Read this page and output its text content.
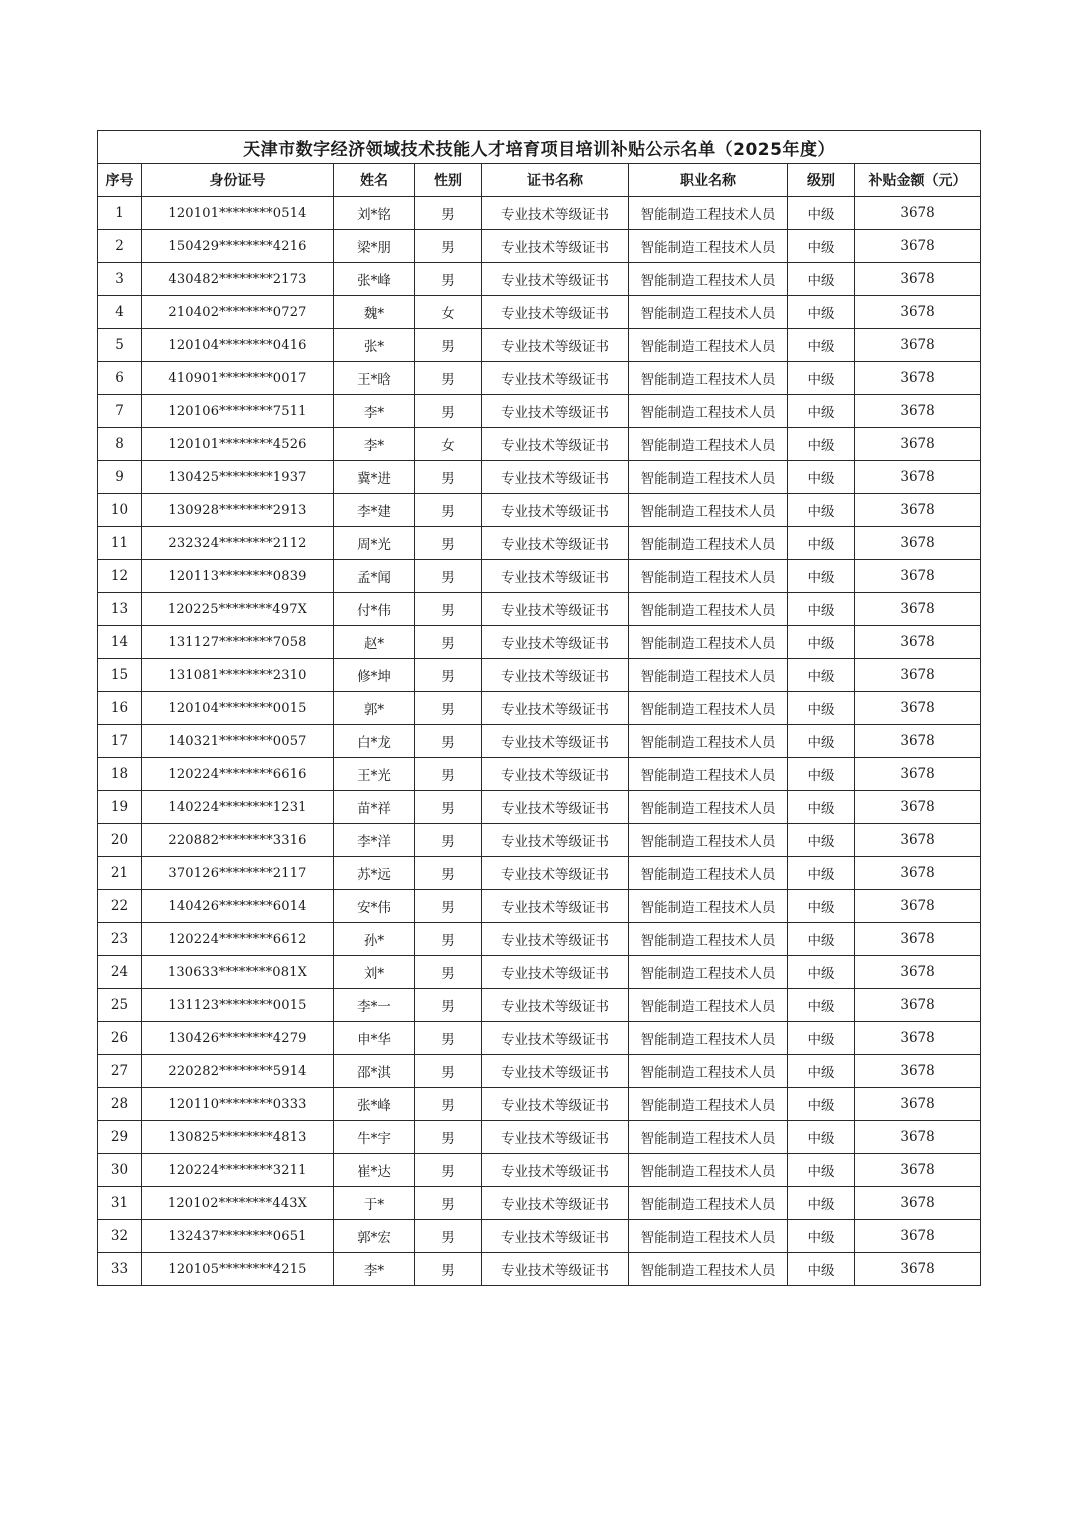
天津市数字经济领域技术技能人才培育项目培训补贴公示名单（2025年度）							
序号	身份证号	姓名	性别	证书名称	职业名称	级别	补贴金额（元）
1	120101********0514	刘*铭	男	专业技术等级证书	智能制造工程技术人员	中级	3678
2	150429********4216	梁*朋	男	专业技术等级证书	智能制造工程技术人员	中级	3678
3	430482********2173	张*峰	男	专业技术等级证书	智能制造工程技术人员	中级	3678
4	210402********0727	魏*	女	专业技术等级证书	智能制造工程技术人员	中级	3678
5	120104********0416	张*	男	专业技术等级证书	智能制造工程技术人员	中级	3678
6	410901********0017	王*晗	男	专业技术等级证书	智能制造工程技术人员	中级	3678
7	120106********7511	李*	男	专业技术等级证书	智能制造工程技术人员	中级	3678
8	120101********4526	李*	女	专业技术等级证书	智能制造工程技术人员	中级	3678
9	130425********1937	冀*进	男	专业技术等级证书	智能制造工程技术人员	中级	3678
10	130928********2913	李*建	男	专业技术等级证书	智能制造工程技术人员	中级	3678
11	232324********2112	周*光	男	专业技术等级证书	智能制造工程技术人员	中级	3678
12	120113********0839	孟*闻	男	专业技术等级证书	智能制造工程技术人员	中级	3678
13	120225********497X	付*伟	男	专业技术等级证书	智能制造工程技术人员	中级	3678
14	131127********7058	赵*	男	专业技术等级证书	智能制造工程技术人员	中级	3678
15	131081********2310	修*坤	男	专业技术等级证书	智能制造工程技术人员	中级	3678
16	120104********0015	郭*	男	专业技术等级证书	智能制造工程技术人员	中级	3678
17	140321********0057	白*龙	男	专业技术等级证书	智能制造工程技术人员	中级	3678
18	120224********6616	王*光	男	专业技术等级证书	智能制造工程技术人员	中级	3678
19	140224********1231	苗*祥	男	专业技术等级证书	智能制造工程技术人员	中级	3678
20	220882********3316	李*洋	男	专业技术等级证书	智能制造工程技术人员	中级	3678
21	370126********2117	苏*远	男	专业技术等级证书	智能制造工程技术人员	中级	3678
22	140426********6014	安*伟	男	专业技术等级证书	智能制造工程技术人员	中级	3678
23	120224********6612	孙*	男	专业技术等级证书	智能制造工程技术人员	中级	3678
24	130633********081X	刘*	男	专业技术等级证书	智能制造工程技术人员	中级	3678
25	131123********0015	李*一	男	专业技术等级证书	智能制造工程技术人员	中级	3678
26	130426********4279	申*华	男	专业技术等级证书	智能制造工程技术人员	中级	3678
27	220282********5914	邵*淇	男	专业技术等级证书	智能制造工程技术人员	中级	3678
28	120110********0333	张*峰	男	专业技术等级证书	智能制造工程技术人员	中级	3678
29	130825********4813	牛*宇	男	专业技术等级证书	智能制造工程技术人员	中级	3678
30	120224********3211	崔*达	男	专业技术等级证书	智能制造工程技术人员	中级	3678
31	120102********443X	于*	男	专业技术等级证书	智能制造工程技术人员	中级	3678
32	132437********0651	郭*宏	男	专业技术等级证书	智能制造工程技术人员	中级	3678
33	120105********4215	李*	男	专业技术等级证书	智能制造工程技术人员	中级	3678
